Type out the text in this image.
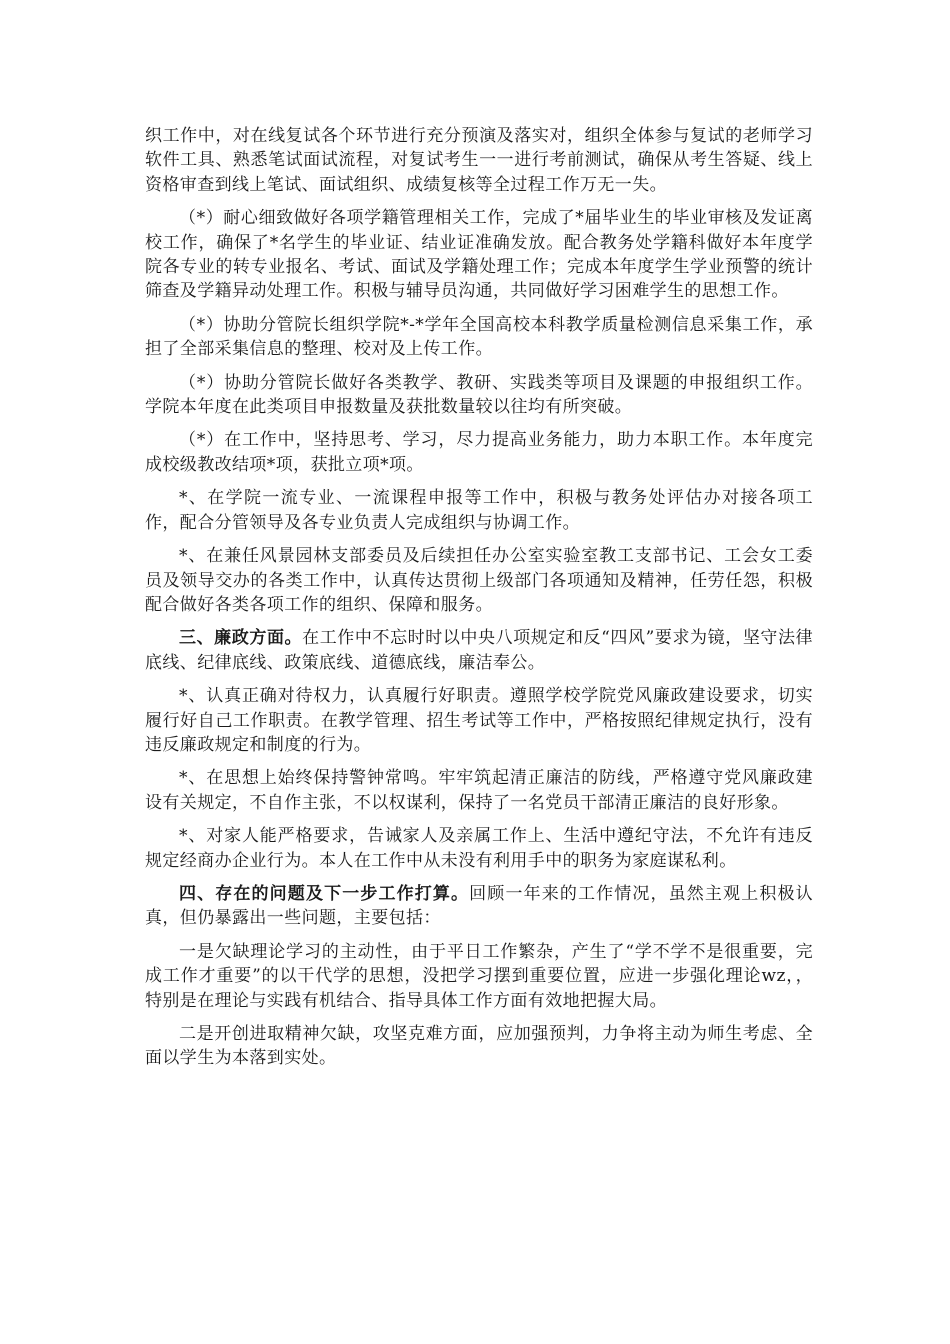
织工作中，对在线复试各个环节进行充分预演及落实对，组织全体参与复试的老师学习软件工具、熟悉笔试面试流程，对复试考生一一进行考前测试，确保从考生答疑、线上资格审查到线上笔试、面试组织、成绩复核等全过程工作万无一失。

（*）耐心细致做好各项学籍管理相关工作，完成了*届毕业生的毕业审核及发证离校工作，确保了*名学生的毕业证、结业证准确发放。配合教务处学籍科做好本年度学院各专业的转专业报名、考试、面试及学籍处理工作；完成本年度学生学业预警的统计筛查及学籍异动处理工作。积极与辅导员沟通，共同做好学习困难学生的思想工作。

（*）协助分管院长组织学院*-*学年全国高校本科教学质量检测信息采集工作，承担了全部采集信息的整理、校对及上传工作。

（*）协助分管院长做好各类教学、教研、实践类等项目及课题的申报组织工作。学院本年度在此类项目申报数量及获批数量较以往均有所突破。

（*）在工作中，坚持思考、学习，尽力提高业务能力，助力本职工作。本年度完成校级教改结项*项，获批立项*项。

*、在学院一流专业、一流课程申报等工作中，积极与教务处评估办对接各项工作，配合分管领导及各专业负责人完成组织与协调工作。

*、在兼任风景园林支部委员及后续担任办公室实验室教工支部书记、工会女工委员及领导交办的各类工作中，认真传达贯彻上级部门各项通知及精神，任劳任怨，积极配合做好各类各项工作的组织、保障和服务。

三、廉政方面。在工作中不忘时时以中央八项规定和反“四风”要求为镜，坚守法律底线、纪律底线、政策底线、道德底线，廉洁奉公。

*、认真正确对待权力，认真履行好职责。遵照学校学院党风廉政建设要求，切实履行好自己工作职责。在教学管理、招生考试等工作中，严格按照纪律规定执行，没有违反廉政规定和制度的行为。

*、在思想上始终保持警钟常鸣。牢牢筑起清正廉洁的防线，严格遵守党风廉政建设有关规定，不自作主张，不以权谋利，保持了一名党员干部清正廉洁的良好形象。

*、对家人能严格要求，告诫家人及亲属工作上、生活中遵纪守法，不允许有违反规定经商办企业行为。本人在工作中从未没有利用手中的职务为家庭谋私利。

四、存在的问题及下一步工作打算。回顾一年来的工作情况，虽然主观上积极认真，但仍暴露出一些问题，主要包括：

一是欠缺理论学习的主动性，由于平日工作繁杂，产生了“学不学不是很重要，完成工作才重要”的以干代学的思想，没把学习摆到重要位置，应进一步强化理论wz，，特别是在理论与实践有机结合、指导具体工作方面有效地把握大局。

二是开创进取精神欠缺，攻坚克难方面，应加强预判，力争将主动为师生考虑、全面以学生为本落到实处。
